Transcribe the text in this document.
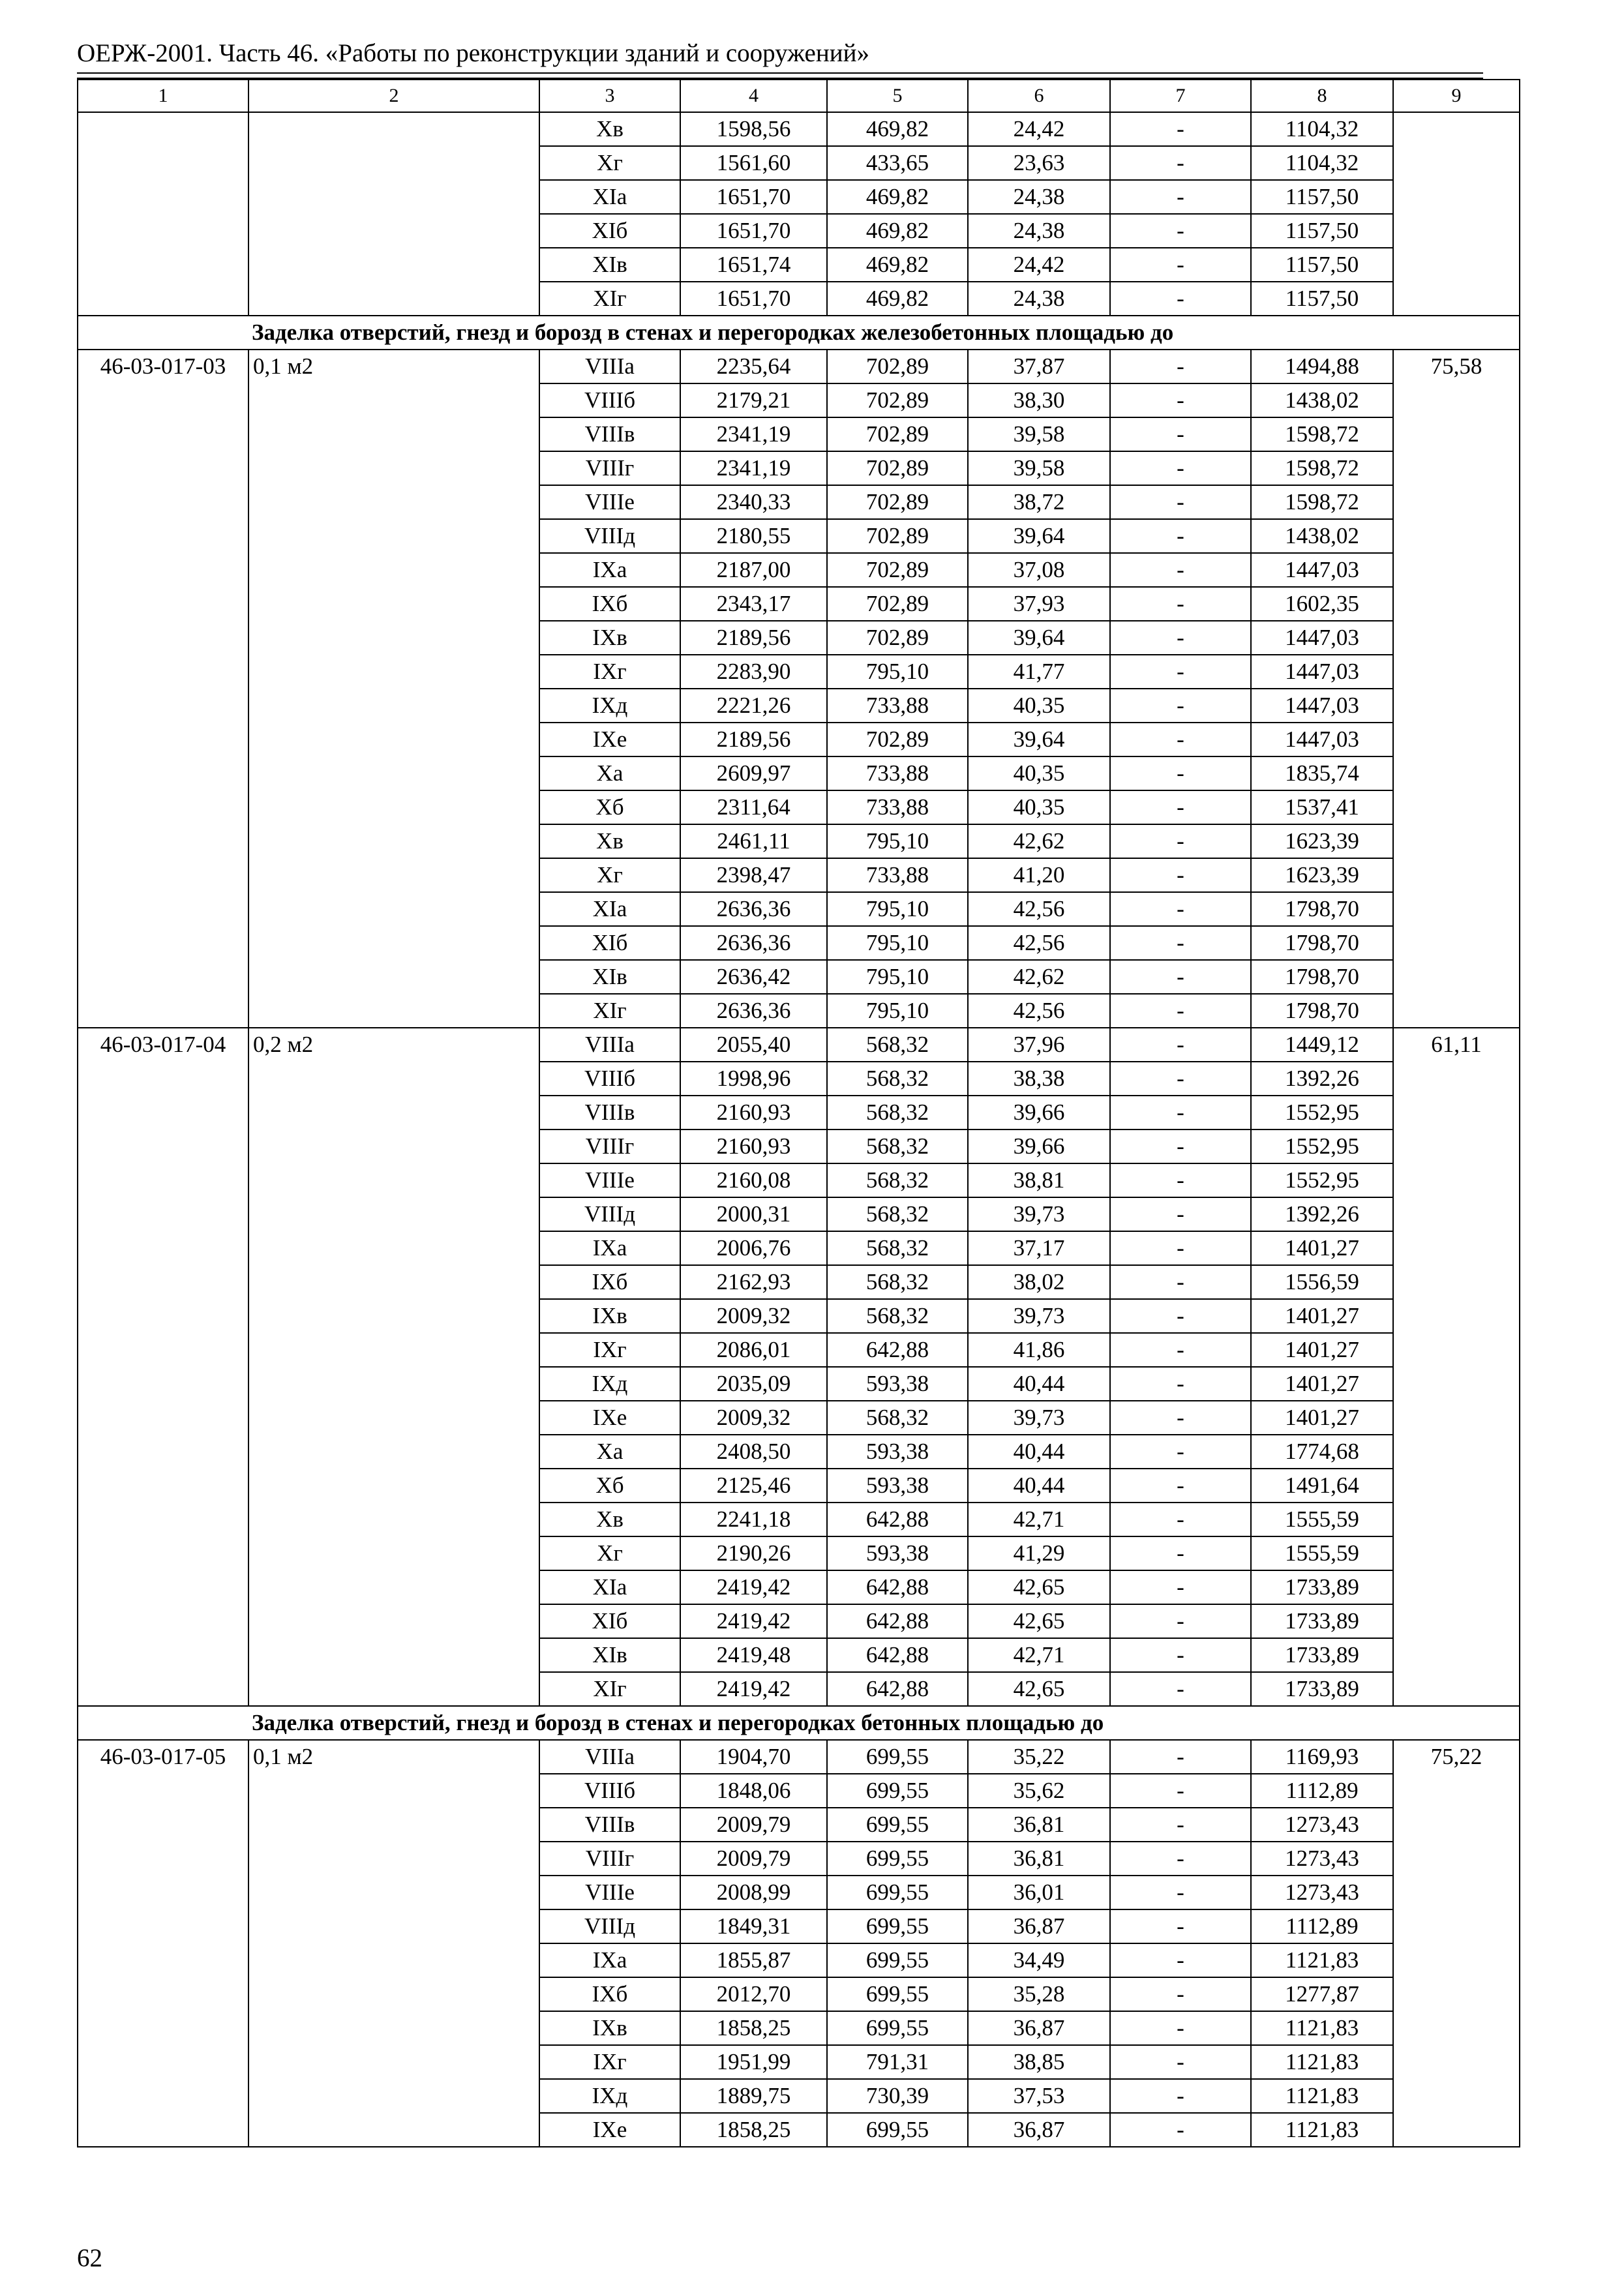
ОЕРЖ-2001. Часть 46. «Работы по реконструкции зданий и сооружений»
1	2	3	4	5	6	7	8	9
		Хв	1598,56	469,82	24,42	-	1104,32	
		Хг	1561,60	433,65	23,63	-	1104,32	
		XIа	1651,70	469,82	24,38	-	1157,50	
		XIб	1651,70	469,82	24,38	-	1157,50	
		XIв	1651,74	469,82	24,42	-	1157,50	
		XIг	1651,70	469,82	24,38	-	1157,50	
Заделка отверстий, гнезд и борозд в стенах и перегородках железобетонных площадью до								
46-03-017-03	0,1 м2	VIIIа	2235,64	702,89	37,87	-	1494,88	75,58
		VIIIб	2179,21	702,89	38,30	-	1438,02	
		VIIIв	2341,19	702,89	39,58	-	1598,72	
		VIIIг	2341,19	702,89	39,58	-	1598,72	
		VIIIе	2340,33	702,89	38,72	-	1598,72	
		VIIIд	2180,55	702,89	39,64	-	1438,02	
		IXа	2187,00	702,89	37,08	-	1447,03	
		IXб	2343,17	702,89	37,93	-	1602,35	
		IXв	2189,56	702,89	39,64	-	1447,03	
		IXг	2283,90	795,10	41,77	-	1447,03	
		IXд	2221,26	733,88	40,35	-	1447,03	
		IXе	2189,56	702,89	39,64	-	1447,03	
		Ха	2609,97	733,88	40,35	-	1835,74	
		Хб	2311,64	733,88	40,35	-	1537,41	
		Хв	2461,11	795,10	42,62	-	1623,39	
		Хг	2398,47	733,88	41,20	-	1623,39	
		XIа	2636,36	795,10	42,56	-	1798,70	
		XIб	2636,36	795,10	42,56	-	1798,70	
		XIв	2636,42	795,10	42,62	-	1798,70	
		XIг	2636,36	795,10	42,56	-	1798,70	
46-03-017-04	0,2 м2	VIIIа	2055,40	568,32	37,96	-	1449,12	61,11
		VIIIб	1998,96	568,32	38,38	-	1392,26	
		VIIIв	2160,93	568,32	39,66	-	1552,95	
		VIIIг	2160,93	568,32	39,66	-	1552,95	
		VIIIе	2160,08	568,32	38,81	-	1552,95	
		VIIIд	2000,31	568,32	39,73	-	1392,26	
		IXа	2006,76	568,32	37,17	-	1401,27	
		IXб	2162,93	568,32	38,02	-	1556,59	
		IXв	2009,32	568,32	39,73	-	1401,27	
		IXг	2086,01	642,88	41,86	-	1401,27	
		IXд	2035,09	593,38	40,44	-	1401,27	
		IXе	2009,32	568,32	39,73	-	1401,27	
		Ха	2408,50	593,38	40,44	-	1774,68	
		Хб	2125,46	593,38	40,44	-	1491,64	
		Хв	2241,18	642,88	42,71	-	1555,59	
		Хг	2190,26	593,38	41,29	-	1555,59	
		XIа	2419,42	642,88	42,65	-	1733,89	
		XIб	2419,42	642,88	42,65	-	1733,89	
		XIв	2419,48	642,88	42,71	-	1733,89	
		XIг	2419,42	642,88	42,65	-	1733,89	
Заделка отверстий, гнезд и борозд в стенах и перегородках бетонных площадью до								
46-03-017-05	0,1 м2	VIIIа	1904,70	699,55	35,22	-	1169,93	75,22
		VIIIб	1848,06	699,55	35,62	-	1112,89	
		VIIIв	2009,79	699,55	36,81	-	1273,43	
		VIIIг	2009,79	699,55	36,81	-	1273,43	
		VIIIе	2008,99	699,55	36,01	-	1273,43	
		VIIIд	1849,31	699,55	36,87	-	1112,89	
		IXа	1855,87	699,55	34,49	-	1121,83	
		IXб	2012,70	699,55	35,28	-	1277,87	
		IXв	1858,25	699,55	36,87	-	1121,83	
		IXг	1951,99	791,31	38,85	-	1121,83	
		IXд	1889,75	730,39	37,53	-	1121,83	
		IXе	1858,25	699,55	36,87	-	1121,83	
62
